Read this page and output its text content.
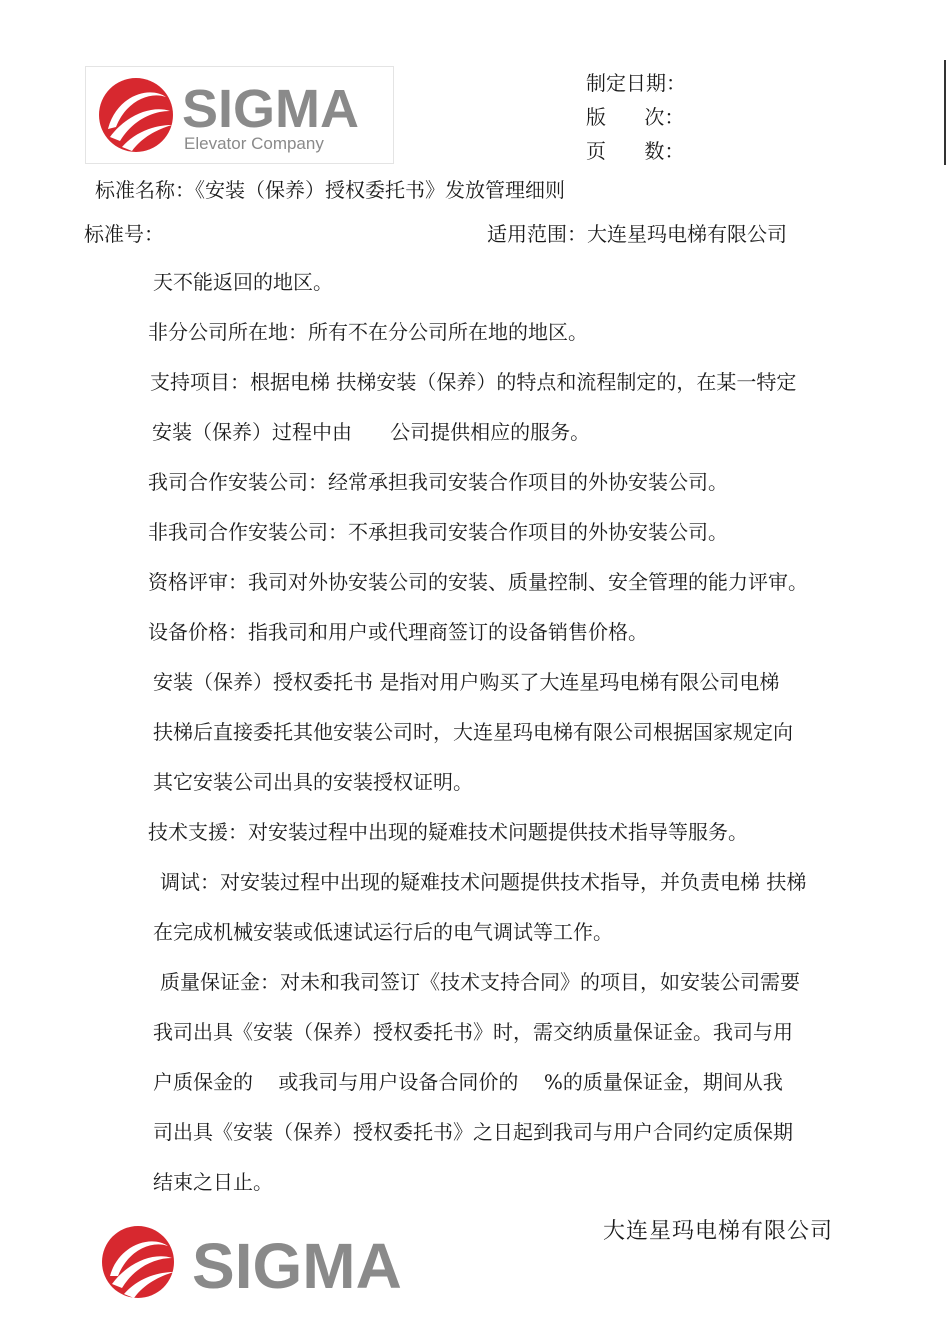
SIGMA
Elevator Company
制定日期：
版 次：
页 数：
标准名称：《安装（保养）授权委托书》发放管理细则
标准号：	适用范围：大连星玛电梯有限公司
天不能返回的地区。
非分公司所在地：所有不在分公司所在地的地区。
支持项目：根据电梯 扶梯安装（保养）的特点和流程制定的，在某一特定
安装（保养）过程中由      公司提供相应的服务。
我司合作安装公司：经常承担我司安装合作项目的外协安装公司。
非我司合作安装公司：不承担我司安装合作项目的外协安装公司。
资格评审：我司对外协安装公司的安装、质量控制、安全管理的能力评审。
设备价格：指我司和用户或代理商签订的设备销售价格。
安装（保养）授权委托书 是指对用户购买了大连星玛电梯有限公司电梯
扶梯后直接委托其他安装公司时，大连星玛电梯有限公司根据国家规定向
其它安装公司出具的安装授权证明。
技术支援：对安装过程中出现的疑难技术问题提供技术指导等服务。
调试：对安装过程中出现的疑难技术问题提供技术指导，并负责电梯 扶梯
在完成机械安装或低速试运行后的电气调试等工作。
质量保证金：对未和我司签订《技术支持合同》的项目，如安装公司需要
我司出具《安装（保养）授权委托书》时，需交纳质量保证金。我司与用
户质保金的    或我司与用户设备合同价的    %的质量保证金，期间从我
司出具《安装（保养）授权委托书》之日起到我司与用户合同约定质保期
结束之日止。
SIGMA	大连星玛电梯有限公司
